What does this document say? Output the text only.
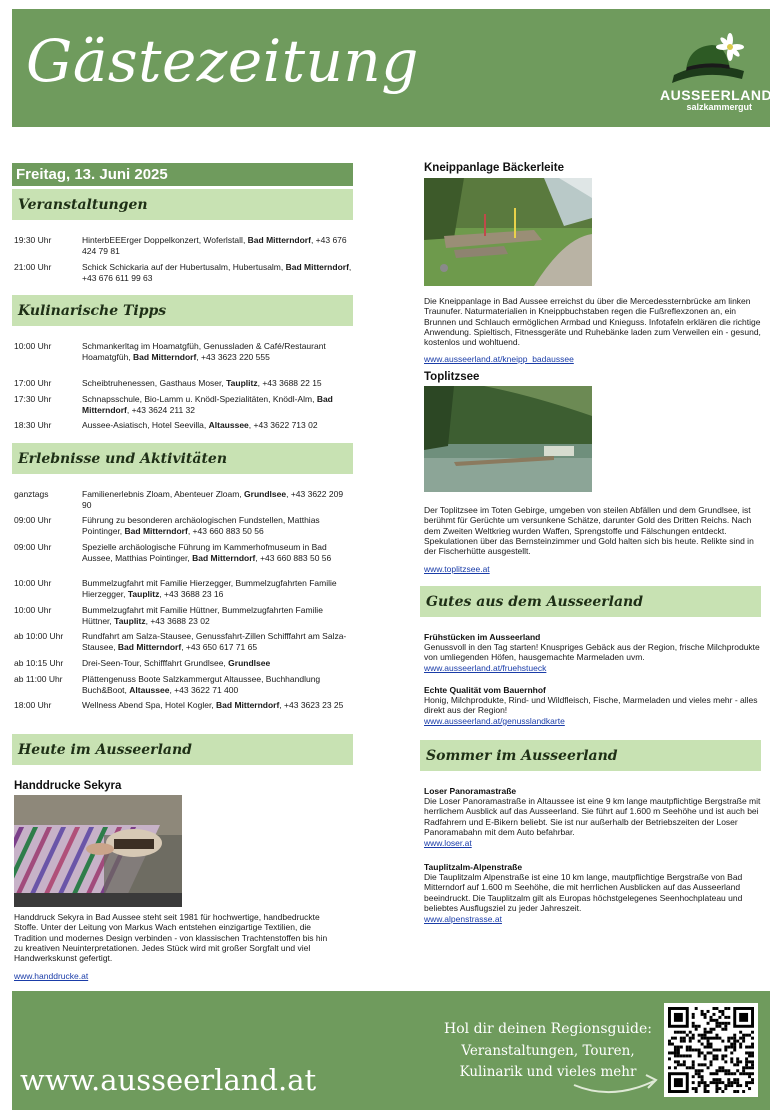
Gästezeitung	AUSSEERLAND
salzkammergut
Freitag, 13. Juni 2025
Veranstaltungen
19:30 Uhr	HinterbEEErger Doppelkonzert, Woferlstall, Bad Mitterndorf, +43 676 424 79 81
21:00 Uhr	Schick Schickaria auf der Hubertusalm, Hubertusalm, Bad Mitterndorf, +43 676 611 99 63
Kulinarische Tipps
10:00 Uhr	Schmankerltag im Hoamatgfüh, Genussladen & Café/Restaurant Hoamatgfüh, Bad Mitterndorf, +43 3623 220 555
17:00 Uhr	Scheibtruhenessen, Gasthaus Moser, Tauplitz, +43 3688 22 15
17:30 Uhr	Schnapsschule, Bio-Lamm u. Knödl-Spezialitäten, Knödl-Alm, Bad Mitterndorf, +43 3624 211 32
18:30 Uhr	Aussee-Asiatisch, Hotel Seevilla, Altaussee, +43 3622 713 02
Erlebnisse und Aktivitäten
ganztags	Familienerlebnis Zloam, Abenteuer Zloam, Grundlsee, +43 3622 209 90
09:00 Uhr	Führung zu besonderen archäologischen Fundstellen, Matthias Pointinger, Bad Mitterndorf, +43 660 883 50 56
09:00 Uhr	Spezielle archäologische Führung im Kammerhofmuseum in Bad Aussee, Matthias Pointinger, Bad Mitterndorf, +43 660 883 50 56
10:00 Uhr	Bummelzugfahrt mit Familie Hierzegger, Bummelzugfahrten Familie Hierzegger, Tauplitz, +43 3688 23 16
10:00 Uhr	Bummelzugfahrt mit Familie Hüttner, Bummelzugfahrten Familie Hüttner, Tauplitz, +43 3688 23 02
ab 10:00 Uhr	Rundfahrt am Salza-Stausee, Genussfahrt-Zillen Schifffahrt am Salza-Stausee, Bad Mitterndorf, +43 650 617 71 65
ab 10:15 Uhr	Drei-Seen-Tour, Schifffahrt Grundlsee, Grundlsee
ab 11:00 Uhr	Plättengenuss Boote Salzkammergut Altaussee, Buchhandlung Buch&Boot, Altaussee, +43 3622 71 400
18:00 Uhr	Wellness Abend Spa, Hotel Kogler, Bad Mitterndorf, +43 3623 23 25
Heute im Ausseerland
Handdrucke Sekyra
Handdruck Sekyra in Bad Aussee steht seit 1981 für hochwertige, handbedruckte Stoffe. Unter der Leitung von Markus Wach entstehen einzigartige Textilien, die Tradition und modernes Design verbinden - von klassischen Trachtenstoffen bis hin zu kreativen Neuinterpretationen. Jedes Stück wird mit großer Sorgfalt und viel Handwerkskunst gefertigt.
www.handdrucke.at
Kneippanlage Bäckerleite
Die Kneippanlage in Bad Aussee erreichst du über die Mercedessternbrücke am linken Traunufer. Naturmaterialien in Kneippbuchstaben regen die Fußreflexzonen an, ein Brunnen und Schlauch ermöglichen Armbad und Knieguss. Infotafeln erklären die richtige Anwendung. Spieltisch, Fitnessgeräte und Ruhebänke laden zum Verweilen ein - gesund, kostenlos und wohltuend.
www.ausseerland.at/kneipp_badaussee
Toplitzsee
Der Toplitzsee im Toten Gebirge, umgeben von steilen Abfällen und dem Grundlsee, ist berühmt für Gerüchte um versunkene Schätze, darunter Gold des Dritten Reichs. Nach dem Zweiten Weltkrieg wurden Waffen, Sprengstoffe und Fälschungen entdeckt. Spekulationen über das Bernsteinzimmer und Gold halten sich bis heute. Relikte sind in der Fischerhütte ausgestellt.
www.toplitzsee.at
Gutes aus dem Ausseerland
Frühstücken im Ausseerland
Genussvoll in den Tag starten! Knuspriges Gebäck aus der Region, frische Milchprodukte von umliegenden Höfen, hausgemachte Marmeladen uvm.
www.ausseerland.at/fruehstueck
Echte Qualität vom Bauernhof
Honig, Milchprodukte, Rind- und Wildfleisch, Fische, Marmeladen und vieles mehr - alles direkt aus der Region!
www.ausseerland.at/genusslandkarte
Sommer im Ausseerland
Loser Panoramastraße
Die Loser Panoramastraße in Altaussee ist eine 9 km lange mautpflichtige Bergstraße mit herrlichem Ausblick auf das Ausseerland. Sie führt auf 1.600 m Seehöhe und ist auch bei Radfahrern und E-Bikern beliebt. Sie ist nur außerhalb der Betriebszeiten der Loser Panoramabahn mit dem Auto befahrbar.
www.loser.at
Tauplitzalm-Alpenstraße
Die Tauplitzalm Alpenstraße ist eine 10 km lange, mautpflichtige Bergstraße von Bad Mitterndorf auf 1.600 m Seehöhe, die mit herrlichen Ausblicken auf das Ausseerland beeindruckt. Die Tauplitzalm gilt als Europas höchstgelegenes Seenhochplateau und beliebtes Ausflugsziel zu jeder Jahreszeit.
www.alpenstrasse.at
www.ausseerland.at
Hol dir deinen Regionsguide:
Veranstaltungen, Touren,
Kulinarik und vieles mehr
